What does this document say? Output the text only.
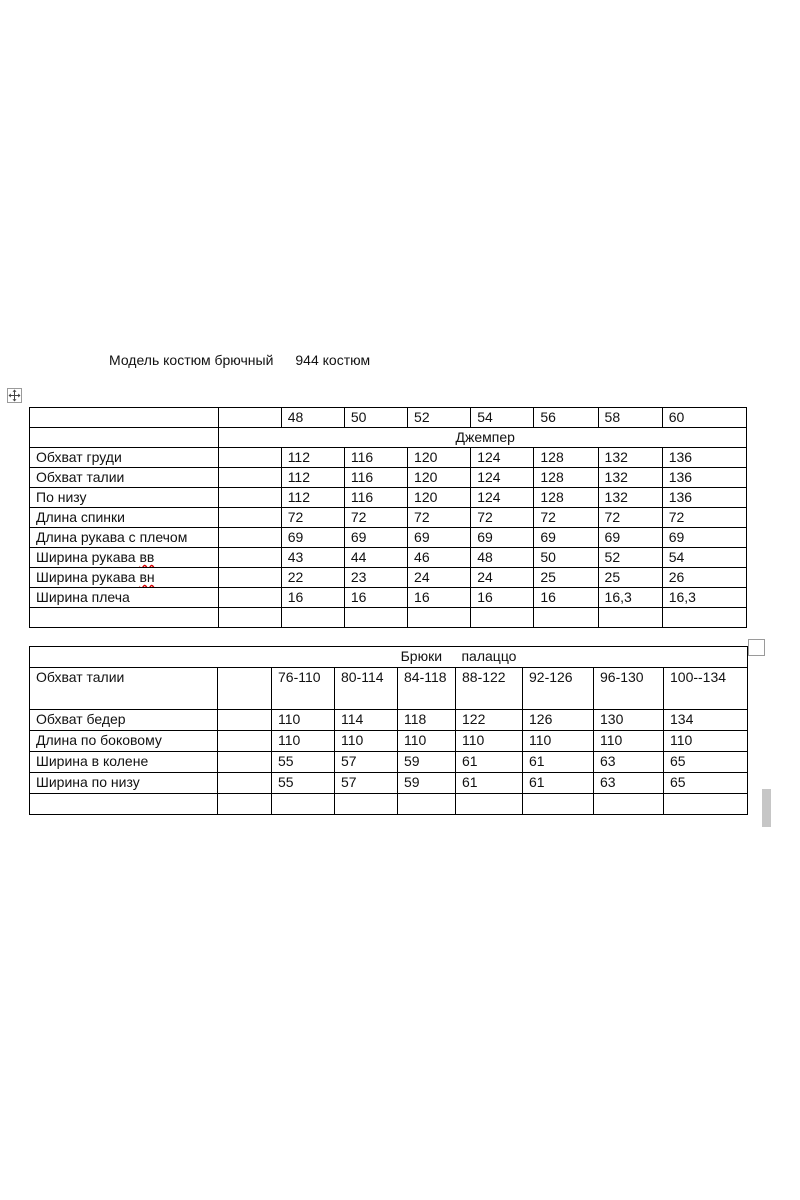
Модель костюм брючный 944 костюм
		48	50	52	54	56	58	60
	Джемпер							
Обхват груди		112	116	120	124	128	132	136
Обхват талии		112	116	120	124	128	132	136
По низу		112	116	120	124	128	132	136
Длина спинки		72	72	72	72	72	72	72
Длина рукава с плечом		69	69	69	69	69	69	69
Ширина рукава вв		43	44	46	48	50	52	54
Ширина рукава вн		22	23	24	24	25	25	26
Ширина плеча		16	16	16	16	16	16,3	16,3

Брюки     палаццо								
Обхват талии		76-110	80-114	84-118	88-122	92-126	96-130	100--134
Обхват бедер		110	114	118	122	126	130	134
Длина по боковому		110	110	110	110	110	110	110
Ширина в колене		55	57	59	61	61	63	65
Ширина по низу		55	57	59	61	61	63	65
